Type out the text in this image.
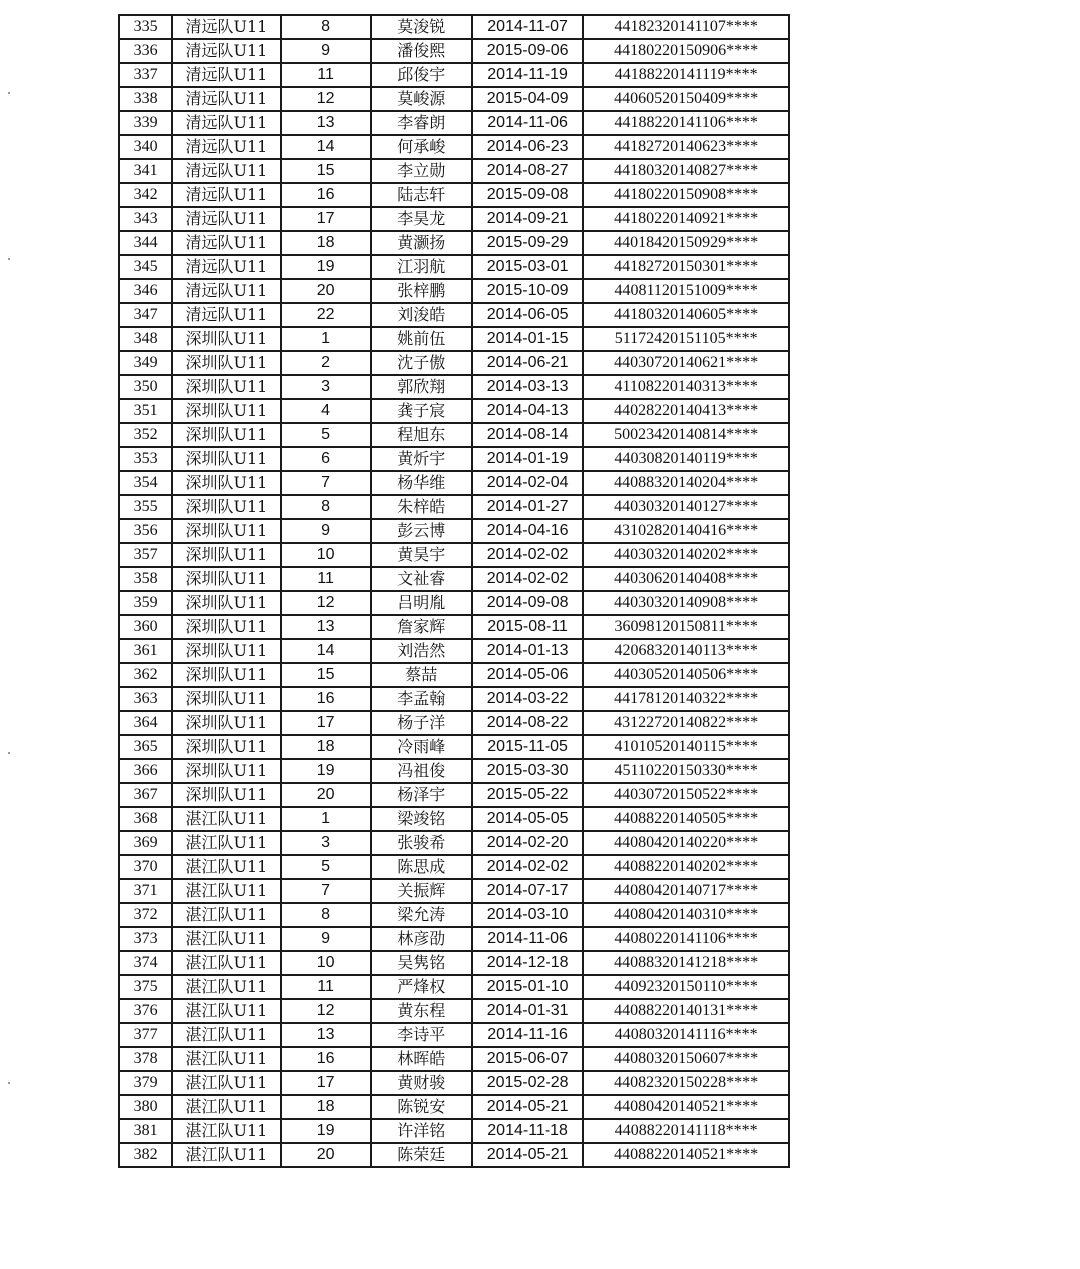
335	清远队U11	8	莫浚锐	2014-11-07	44182320141107****
336	清远队U11	9	潘俊熙	2015-09-06	44180220150906****
337	清远队U11	11	邱俊宇	2014-11-19	44188220141119****
338	清远队U11	12	莫峻源	2015-04-09	44060520150409****
339	清远队U11	13	李睿朗	2014-11-06	44188220141106****
340	清远队U11	14	何承峻	2014-06-23	44182720140623****
341	清远队U11	15	李立勋	2014-08-27	44180320140827****
342	清远队U11	16	陆志轩	2015-09-08	44180220150908****
343	清远队U11	17	李昊龙	2014-09-21	44180220140921****
344	清远队U11	18	黄灏扬	2015-09-29	44018420150929****
345	清远队U11	19	江羽航	2015-03-01	44182720150301****
346	清远队U11	20	张梓鹏	2015-10-09	44081120151009****
347	清远队U11	22	刘浚皓	2014-06-05	44180320140605****
348	深圳队U11	1	姚前伍	2014-01-15	51172420151105****
349	深圳队U11	2	沈子傲	2014-06-21	44030720140621****
350	深圳队U11	3	郭欣翔	2014-03-13	41108220140313****
351	深圳队U11	4	龚子宸	2014-04-13	44028220140413****
352	深圳队U11	5	程旭东	2014-08-14	50023420140814****
353	深圳队U11	6	黄炘宇	2014-01-19	44030820140119****
354	深圳队U11	7	杨华维	2014-02-04	44088320140204****
355	深圳队U11	8	朱梓皓	2014-01-27	44030320140127****
356	深圳队U11	9	彭云博	2014-04-16	43102820140416****
357	深圳队U11	10	黄昊宇	2014-02-02	44030320140202****
358	深圳队U11	11	文祉睿	2014-02-02	44030620140408****
359	深圳队U11	12	吕明胤	2014-09-08	44030320140908****
360	深圳队U11	13	詹家辉	2015-08-11	36098120150811****
361	深圳队U11	14	刘浩然	2014-01-13	42068320140113****
362	深圳队U11	15	蔡喆	2014-05-06	44030520140506****
363	深圳队U11	16	李孟翰	2014-03-22	44178120140322****
364	深圳队U11	17	杨子洋	2014-08-22	43122720140822****
365	深圳队U11	18	冷雨峰	2015-11-05	41010520140115****
366	深圳队U11	19	冯祖俊	2015-03-30	45110220150330****
367	深圳队U11	20	杨泽宇	2015-05-22	44030720150522****
368	湛江队U11	1	梁竣铭	2014-05-05	44088220140505****
369	湛江队U11	3	张骏希	2014-02-20	44080420140220****
370	湛江队U11	5	陈思成	2014-02-02	44088220140202****
371	湛江队U11	7	关振辉	2014-07-17	44080420140717****
372	湛江队U11	8	梁允涛	2014-03-10	44080420140310****
373	湛江队U11	9	林彦劭	2014-11-06	44080220141106****
374	湛江队U11	10	吴隽铭	2014-12-18	44088320141218****
375	湛江队U11	11	严烽权	2015-01-10	44092320150110****
376	湛江队U11	12	黄东程	2014-01-31	44088220140131****
377	湛江队U11	13	李诗平	2014-11-16	44080320141116****
378	湛江队U11	16	林晖皓	2015-06-07	44080320150607****
379	湛江队U11	17	黄财骏	2015-02-28	44082320150228****
380	湛江队U11	18	陈锐安	2014-05-21	44080420140521****
381	湛江队U11	19	许洋铭	2014-11-18	44088220141118****
382	湛江队U11	20	陈荣廷	2014-05-21	44088220140521****
